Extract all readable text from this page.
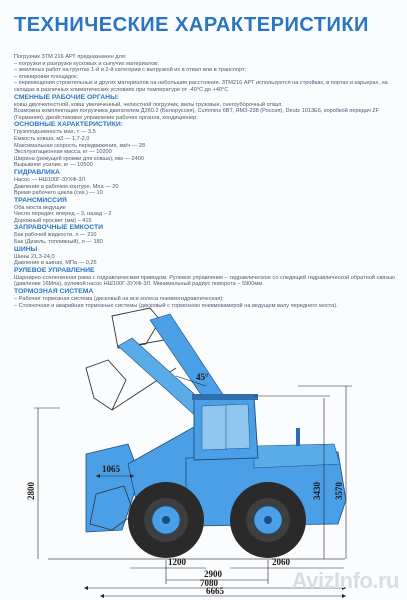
ТЕХНИЧЕСКИЕ ХАРАКТЕРИСТИКИ
Погрузчик ЗТМ 216 АРТ предназначен для:
– погрузки и разгрузки кусковых и сыпучих материалов;
– земляных работ на грунтах 1-й и 2-й категории с выгрузкой их в отвал или в транспорт;
– планировки площадок;
– перемещения строительных и других материалов на небольшие расстояния. ЗТМ216 АРТ используется на стройках, в портах и карьерах, на складах в различных климатических условиях при температуре от -40°С до +40°С
СМЕННЫЕ РАБОЧИЕ ОРГАНЫ:
ковш двухчелюстной, ковш увеличенный, челюстной погрузчик, вилы грузовые, снегоуборочный отвал.
Возможна комплектация погрузчика двигателем Д260.2 (Белоруссия), Cummins 6BT, ЯМЗ-238 (Россия), Deutz 1013E6, коробкой передач ZF (Германия), джойстиковое управление рабочих органов, кондиционер.
ОСНОВНЫЕ ХАРАКТЕРИСТИКИ:
Грузоподъемность мах, т — 3,5
Емкость ковша, м3 — 1,7-2,0
Максимальная скорость передвижения, км/ч — 28
Эксплуатационная масса, кг — 10200
Ширина (режущей кромки для ковша), мм — 2400
Вырывное усилие, кг — 10500
ГИДРАВЛИКА
Насос — НШ100Г-3УХФ-3Л
Давление в рабочем контуре, Мпа — 20
Время рабочего цикла (сек.) — 10
ТРАНСМИССИЯ
Оба моста ведущие
Число передач: вперед – 3, назад – 2
Дорожный просвет (мм) – 415
ЗАПРАВОЧНЫЕ ЕМКОСТИ
Бак рабочей жидкости, л — 210
Бак (Дизель, топливный), л — 180
ШИНЫ
Шины 21,3-24,0
Давление в шинах, МПа — 0,25
РУЛЕВОЕ УПРАВЛЕНИЕ
Шарнирно-сочлененная рама с гидравлическим приводом. Рулевое управление – гидравлическое со следящей гидравлической обратной связью (давление 16Мпа), рулевой насос НШ100Г-3УХФ-3Л. Минимальный радиус поворота – 5900мм.
ТОРМОЗНАЯ СИСТЕМА
– Рабочая тормозная система (дисковый на все колеса пневмогидравлическая);
– Стояночная и аварийная тормозные системы (дисковый с тормозною пневмокамерой на ведущем валу переднего моста).
1065
2800	3430 3570
45°
1200	2060
2900
7080
6665	AvizInfo.ru
